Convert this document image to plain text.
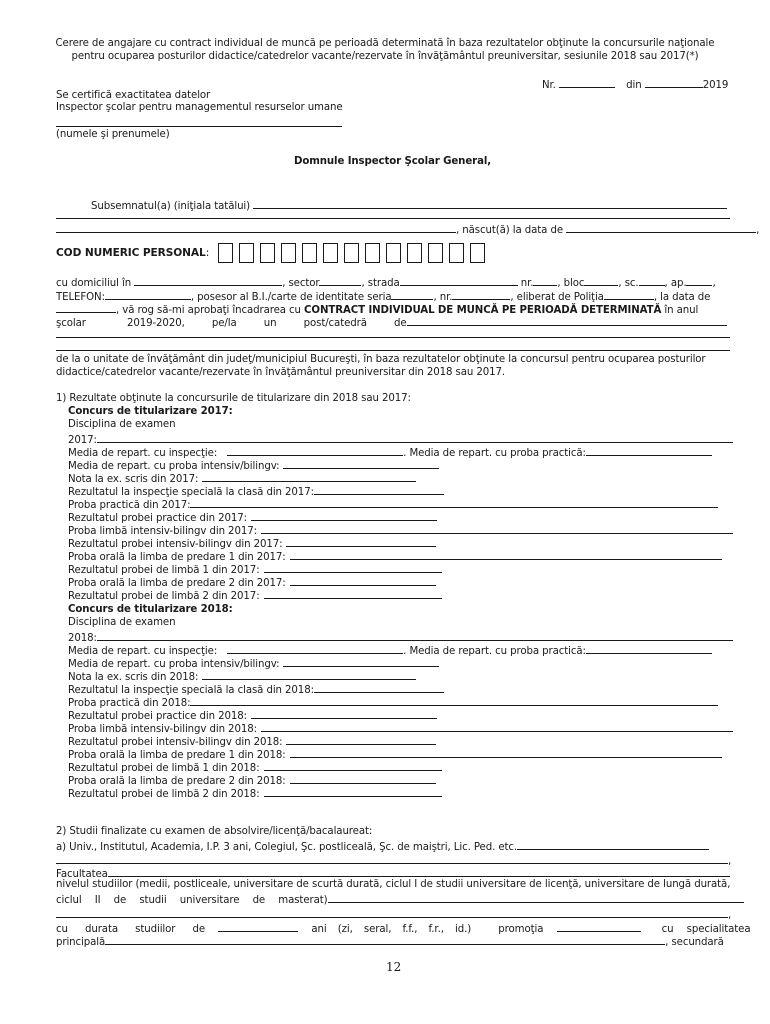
Cerere de angajare cu contract individual de muncă pe perioadă determinată în baza rezultatelor obţinute la concursurile naţionale
pentru ocuparea posturilor didactice/catedrelor vacante/rezervate în învăţământul preuniversitar, sesiunile 2018 sau 2017(*)
Nr.	din	2019
Se certifică exactitatea datelor
Inspector şcolar pentru managementul resurselor umane
(numele şi prenumele)
Domnule Inspector Şcolar General,
Subsemnatul(a) (iniţiala tatălui)
, născut(ă) la data de	,
COD NUMERIC PERSONAL:
cu domiciliul în	, sector	, strada	nr. , bloc	, sc.	, ap.	,
TELEFON:	, posesor al B.I./carte de identitate seria	, nr.	, eliberat de Poliţia	, la data de
, vă rog să-mi aprobaţi încadrarea cu CONTRACT INDIVIDUAL DE MUNCĂ PE PERIOADĂ DETERMINATĂ în anul
şcolar	2019-2020,	pe/la	un	post/catedră	de
de la o unitate de învăţământ din judeţ/municipiul Bucureşti, în baza rezultatelor obţinute la concursul pentru ocuparea posturilor
didactice/catedrelor vacante/rezervate în învăţământul preuniversitar din 2018 sau 2017.
1) Rezultate obţinute la concursurile de titularizare din 2018 sau 2017:
Concurs de titularizare 2017:
Disciplina de examen
2017:
Media de repart. cu inspecţie:	. Media de repart. cu proba practică:
Media de repart. cu proba intensiv/bilingv:
Nota la ex. scris din 2017:
Rezultatul la inspecţie specială la clasă din 2017:
Proba practică din 2017:
Rezultatul probei practice din 2017:
Proba limbă intensiv-bilingv din 2017:
Rezultatul probei intensiv-bilingv din 2017:
Proba orală la limba de predare 1 din 2017:
Rezultatul probei de limbă 1 din 2017:
Proba orală la limba de predare 2 din 2017:
Rezultatul probei de limbă 2 din 2017:
Concurs de titularizare 2018:
Disciplina de examen
2018:
Media de repart. cu inspecţie:	. Media de repart. cu proba practică:
Media de repart. cu proba intensiv/bilingv:
Nota la ex. scris din 2018:
Rezultatul la inspecţie specială la clasă din 2018:
Proba practică din 2018:
Rezultatul probei practice din 2018:
Proba limbă intensiv-bilingv din 2018:
Rezultatul probei intensiv-bilingv din 2018:
Proba orală la limba de predare 1 din 2018:
Rezultatul probei de limbă 1 din 2018:
Proba orală la limba de predare 2 din 2018:
Rezultatul probei de limbă 2 din 2018:
2) Studii finalizate cu examen de absolvire/licenţă/bacalaureat:
a) Univ., Institutul, Academia, I.P. 3 ani, Colegiul, Şc. postliceală, Şc. de maiştri, Lic. Ped. etc.
,
Facultatea
nivelul studiilor (medii, postliceale, universitare de scurtă durată, ciclul I de studii universitare de licenţă, universitare de lungă durată,
ciclul II de studii universitare de masterat)
,
cu durata studiilor de	ani (zi, seral, f.f., f.r., id.)	promoţia	cu specialitatea
principală	, secundară
12
